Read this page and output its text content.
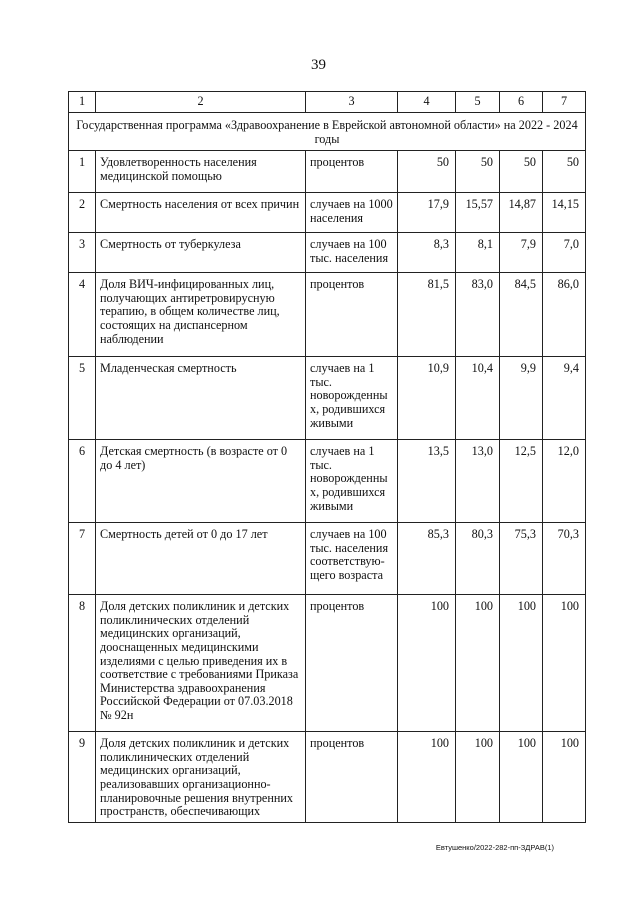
39
1	2	3	4	5	6	7
Государственная программа «Здравоохранение в Еврейской автономной области» на 2022 - 2024 годы						
1	Удовлетворенность населения медицинской помощью	процентов	50	50	50	50
2	Смертность населения от всех причин	случаев на 1000 населения	17,9	15,57	14,87	14,15
3	Смертность от туберкулеза	случаев на 100 тыс. населения	8,3	8,1	7,9	7,0
4	Доля ВИЧ-инфицированных лиц, получающих антиретровирусную терапию, в общем количестве лиц, состоящих на диспансерном наблюдении	процентов	81,5	83,0	84,5	86,0
5	Младенческая смертность	случаев на 1 тыс. новорожденных, родившихся живыми	10,9	10,4	9,9	9,4
6	Детская смертность (в возрасте от 0 до 4 лет)	случаев на 1 тыс. новорожденных, родившихся живыми	13,5	13,0	12,5	12,0
7	Смертность детей от 0 до 17 лет	случаев на 100 тыс. населения соответствую-щего возраста	85,3	80,3	75,3	70,3
8	Доля детских поликлиник и детских поликлинических отделений медицинских организаций, дооснащенных медицинскими изделиями с целью приведения их в соответствие с требованиями Приказа Министерства здравоохранения Российской Федерации от 07.03.2018 № 92н	процентов	100	100	100	100
9	Доля детских поликлиник и детских поликлинических отделений медицинских организаций, реализовавших организационно-планировочные решения внутренних пространств, обеспечивающих	процентов	100	100	100	100
Евтушенко/2022-282-пп-ЗДРАВ(1)
